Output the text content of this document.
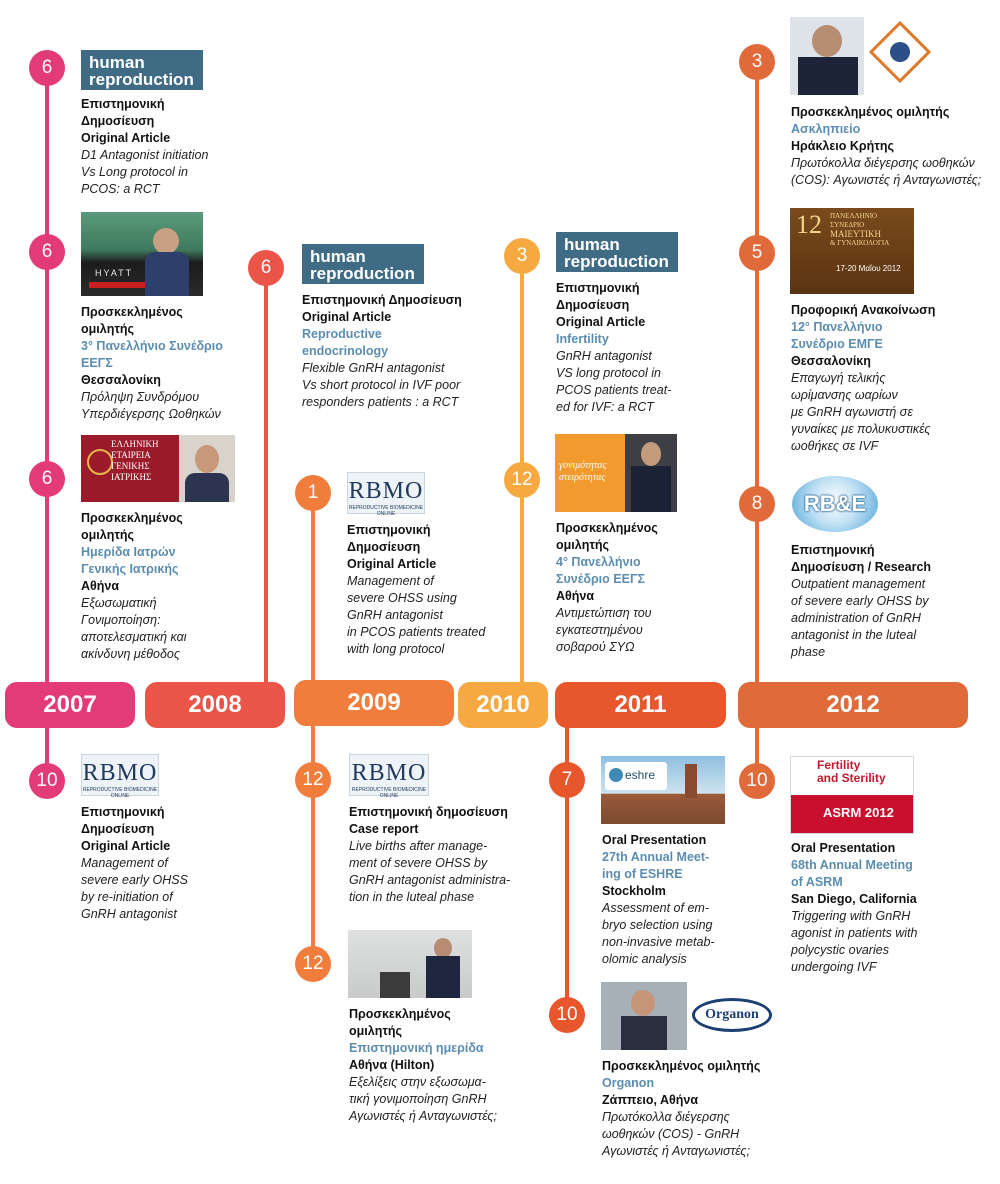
2007	2008	2009	2010	2011	2012
6
6
6
10
6
1
12
12
3
12
7
10
3
5
8
10
human
reproduction
human
reproduction
human
reproduction
HYATT
ΕΛΛΗΝΙΚΗ
ΕΤΑΙΡΕΙΑ
ΓΕΝΙΚΗΣ
ΙΑΤΡΙΚΗΣ
RBMO
REPRODUCTIVE BIOMEDICINE ONLINE
RBMO
REPRODUCTIVE BIOMEDICINE ONLINE
RBMO
REPRODUCTIVE BIOMEDICINE ONLINE
γονιμότητας
στειρότητας
eshre
Organon
12 ΠΑΝΕΛΛΗΝΙΟ
ΣΥΝΕΔΡΙΟ
ΜΑΙΕΥΤΙΚΗ
& ΓΥΝΑΙΚΟΛΟΓΙΑ
17-20 Μαΐου 2012
RB&E
Fertility
and Sterility
ASRM 2012
Επιστημονική
Δημοσίευση
Original Article
D1 Antagonist initiation
Vs Long protocol in
PCOS: a RCT
Προσκεκλημένος
ομιλητής
3° Πανελλήνιο Συνέδριο
ΕΕΓΣ
Θεσσαλονίκη
Πρόληψη Συνδρόμου
Υπερδιέγερσης Ωοθηκών
Προσκεκλημένος
ομιλητής
Ημερίδα Ιατρών
Γενικής Ιατρικής
Αθήνα
Εξωσωματική
Γονιμοποίηση:
αποτελεσματική και
ακίνδυνη μέθοδος
Επιστημονική
Δημοσίευση
Original Article
Management of
severe early OHSS
by re-initiation of
GnRH antagonist
Επιστημονική Δημοσίευση
Original Article
Reproductive
endocrinology
Flexible GnRH antagonist
Vs short protocol in IVF poor
responders patients : a RCT
Επιστημονική
Δημοσίευση
Original Article
Management of
severe OHSS using
GnRH antagonist
in PCOS patients treated
with long protocol
Επιστημονική δημοσίευση
Case report
Live births after manage-
ment of severe OHSS by
GnRH antagonist administra-
tion in the luteal phase
Προσκεκλημένος
ομιλητής
Επιστημονική ημερίδα
Αθήνα (Hilton)
Εξελίξεις στην εξωσωμα-
τική γονιμοποίηση GnRH
Αγωνιστές ή Ανταγωνιστές;
Επιστημονική
Δημοσίευση
Original Article
Infertility
GnRH antagonist
VS long protocol in
PCOS patients treat-
ed for IVF: a RCT
Προσκεκλημένος
ομιλητής
4° Πανελλήνιο
Συνέδριο ΕΕΓΣ
Αθήνα
Αντιμετώπιση του
εγκατεστημένου
σοβαρού ΣΥΩ
Oral Presentation
27th Annual Meet-
ing of ESHRE
Stockholm
Assessment of em-
bryo selection using
non-invasive metab-
olomic analysis
Προσκεκλημένος ομιλητής
Organon
Ζάππειο, Αθήνα
Πρωτόκολλα διέγερσης
ωοθηκών (COS) - GnRH
Αγωνιστές ή Ανταγωνιστές;
Προσκεκλημένος ομιλητής
Ασκληπιείο
Ηράκλειο Κρήτης
Πρωτόκολλα διέγερσης ωοθηκών
(COS): Αγωνιστές ή Ανταγωνιστές;
Προφορική Ανακοίνωση
12° Πανελλήνιο
Συνέδριο ΕΜΓΕ
Θεσσαλονίκη
Επαγωγή τελικής
ωρίμανσης ωαρίων
με GnRH αγωνιστή σε
γυναίκες με πολυκυστικές
ωοθήκες σε IVF
Επιστημονική
Δημοσίευση / Research
Outpatient management
of severe early OHSS by
administration of GnRH
antagonist in the luteal
phase
Oral Presentation
68th Annual Meeting
of ASRM
San Diego, California
Triggering with GnRH
agonist in patients with
polycystic ovaries
undergoing IVF
